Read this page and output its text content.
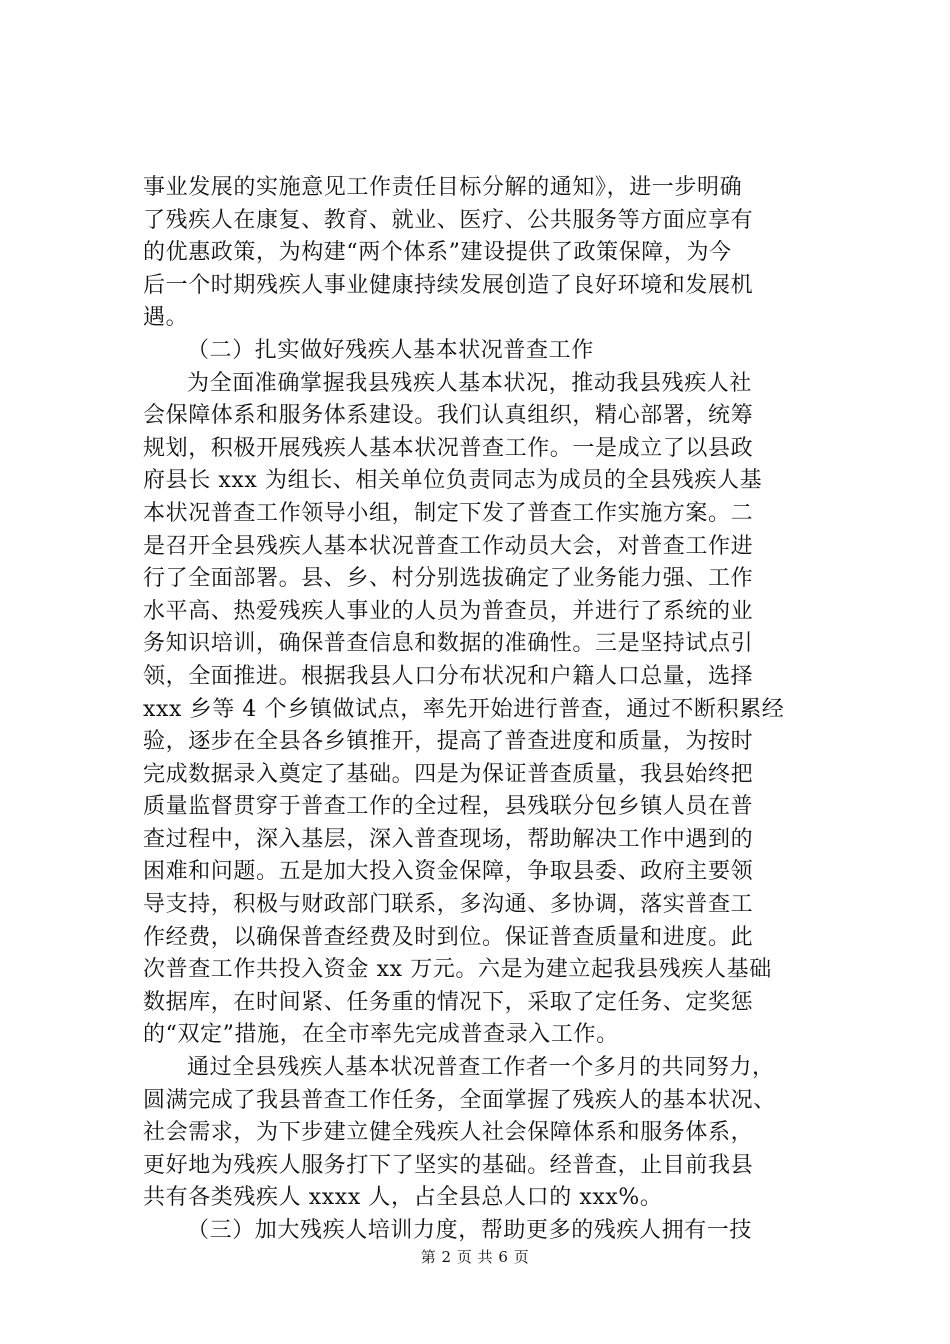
事业发展的实施意见工作责任目标分解的通知》，进一步明确
了残疾人在康复、教育、就业、医疗、公共服务等方面应享有
的优惠政策，为构建“两个体系”建设提供了政策保障，为今
后一个时期残疾人事业健康持续发展创造了良好环境和发展机
遇。
（二）扎实做好残疾人基本状况普查工作
为全面准确掌握我县残疾人基本状况，推动我县残疾人社
会保障体系和服务体系建设。我们认真组织，精心部署，统筹
规划，积极开展残疾人基本状况普查工作。一是成立了以县政
府县长 xxx 为组长、相关单位负责同志为成员的全县残疾人基
本状况普查工作领导小组，制定下发了普查工作实施方案。二
是召开全县残疾人基本状况普查工作动员大会，对普查工作进
行了全面部署。县、乡、村分别选拔确定了业务能力强、工作
水平高、热爱残疾人事业的人员为普查员，并进行了系统的业
务知识培训，确保普查信息和数据的准确性。三是坚持试点引
领，全面推进。根据我县人口分布状况和户籍人口总量，选择
xxx 乡等 4 个乡镇做试点，率先开始进行普查，通过不断积累经
验，逐步在全县各乡镇推开，提高了普查进度和质量，为按时
完成数据录入奠定了基础。四是为保证普查质量，我县始终把
质量监督贯穿于普查工作的全过程，县残联分包乡镇人员在普
查过程中，深入基层，深入普查现场，帮助解决工作中遇到的
困难和问题。五是加大投入资金保障，争取县委、政府主要领
导支持，积极与财政部门联系，多沟通、多协调，落实普查工
作经费，以确保普查经费及时到位。保证普查质量和进度。此
次普查工作共投入资金 xx 万元。六是为建立起我县残疾人基础
数据库，在时间紧、任务重的情况下，采取了定任务、定奖惩
的“双定”措施，在全市率先完成普查录入工作。
通过全县残疾人基本状况普查工作者一个多月的共同努力，
圆满完成了我县普查工作任务，全面掌握了残疾人的基本状况、
社会需求，为下步建立健全残疾人社会保障体系和服务体系，
更好地为残疾人服务打下了坚实的基础。经普查，止目前我县
共有各类残疾人 xxxx 人，占全县总人口的 xxx%。
（三）加大残疾人培训力度，帮助更多的残疾人拥有一技
第 2 页 共 6 页
